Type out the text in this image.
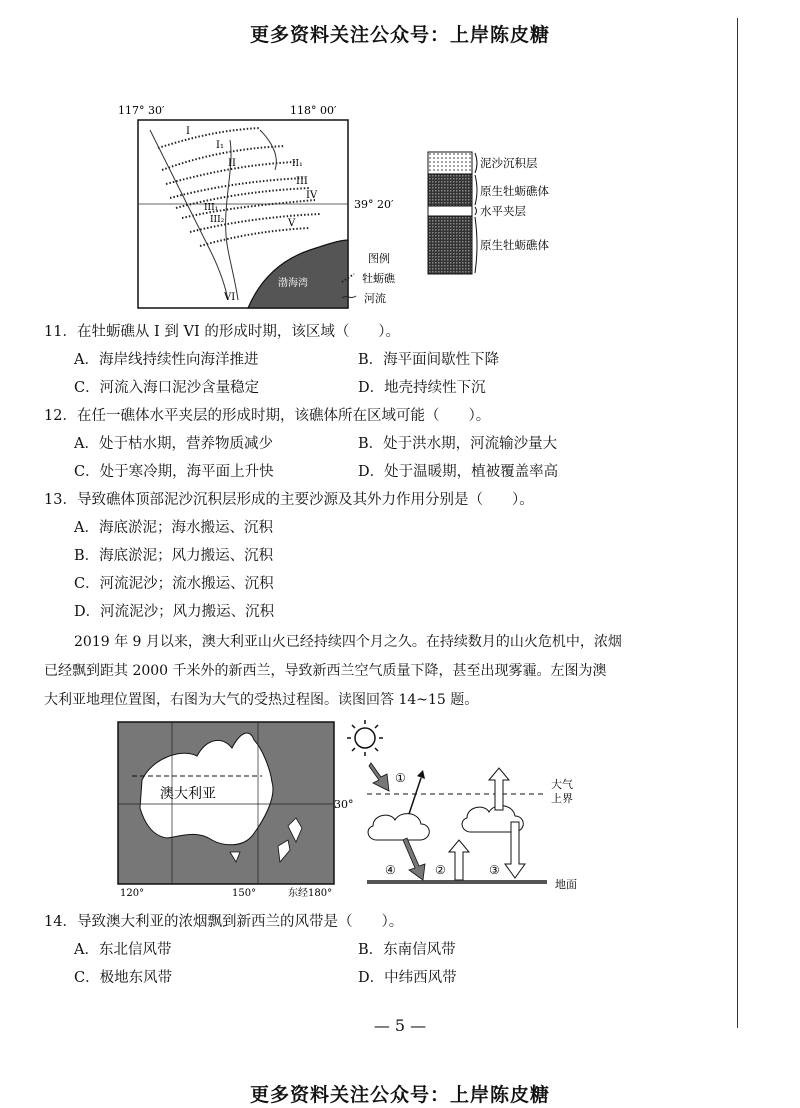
更多资料关注公众号：上岸陈皮糖
117° 30′	118° 00′
39° 20′
I
I₁
II	II₁
III
IV
III₁
III₂	V
VI
渤海湾
图例
牡蛎礁
河流
泥沙沉积层
原生牡蛎礁体
水平夹层
原生牡蛎礁体
11．在牡蛎礁从 I 到 VI 的形成时期，该区域（　　）。
A．海岸线持续性向海洋推进	B．海平面间歇性下降
C．河流入海口泥沙含量稳定	D．地壳持续性下沉
12．在任一礁体水平夹层的形成时期，该礁体所在区域可能（　　）。
A．处于枯水期，营养物质减少	B．处于洪水期，河流输沙量大
C．处于寒冷期，海平面上升快	D．处于温暖期，植被覆盖率高
13．导致礁体顶部泥沙沉积层形成的主要沙源及其外力作用分别是（　　）。
A．海底淤泥；海水搬运、沉积
B．海底淤泥；风力搬运、沉积
C．河流泥沙；流水搬运、沉积
D．河流泥沙；风力搬运、沉积
2019 年 9 月以来，澳大利亚山火已经持续四个月之久。在持续数月的山火危机中，浓烟
已经飘到距其 2000 千米外的新西兰，导致新西兰空气质量下降，甚至出现雾霾。左图为澳
大利亚地理位置图，右图为大气的受热过程图。读图回答 14~15 题。
澳大利亚
30°
120°	150°	东经180°
大气
上界
地面
①
④	②	③
14．导致澳大利亚的浓烟飘到新西兰的风带是（　　）。
A．东北信风带	B．东南信风带
C．极地东风带	D．中纬西风带
— 5 —
更多资料关注公众号：上岸陈皮糖
